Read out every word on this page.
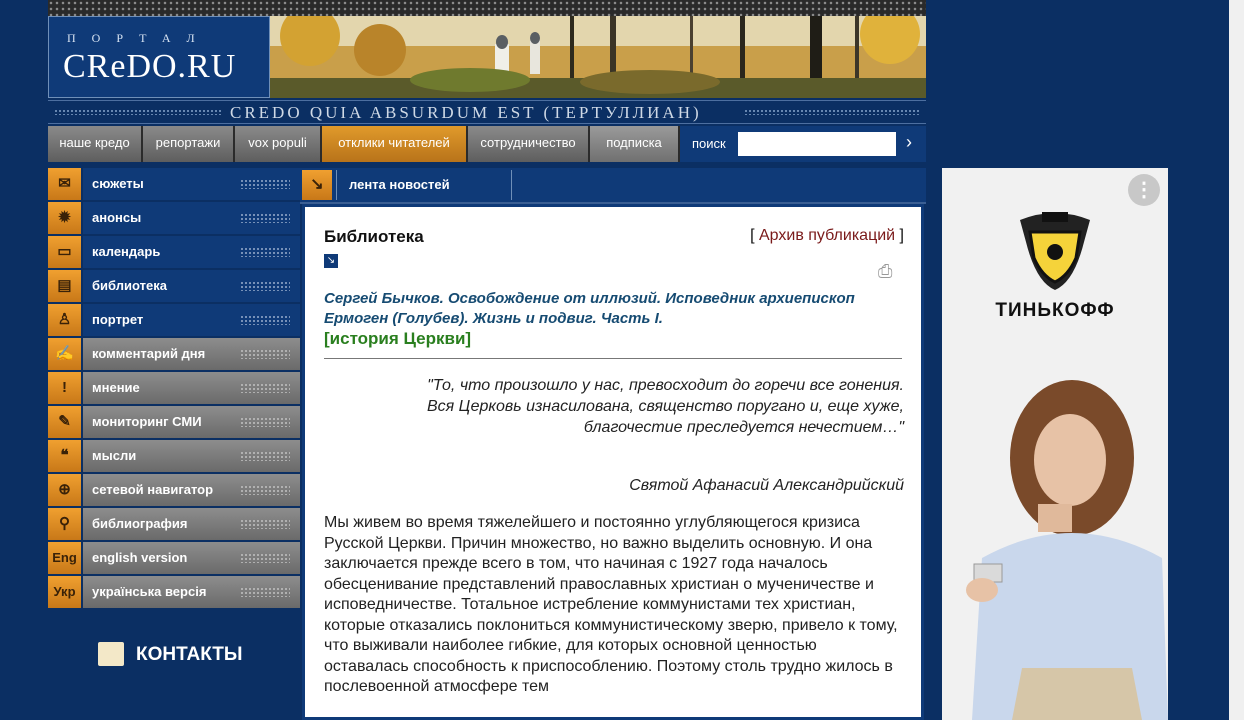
ПОРТАЛ
CReDO.RU
CREDO QUIA ABSURDUM EST (ТЕРТУЛЛИАН)
наше кредо	репортажи	vox populi	отклики читателей	сотрудничество	подписка	поиск	›
✉	сюжеты
✹	анонсы
▭	календарь
▤	библиотека
♙	портрет
✍	комментарий дня
!	мнение
✎	мониторинг СМИ
❝	мысли
⊕	сетевой навигатор
⚲	библиография
Eng	english version
Укр	українська версія
КОНТАКТЫ
↘	лента новостей
Библиотека	[ Архив публикаций ]
↘
⎙
Сергей Бычков. Освобождение от иллюзий. Исповедник архиепископ Ермоген (Голубев). Жизнь и подвиг. Часть I.
[история Церкви]
"То, что произошло у нас, превосходит до горечи все гонения. Вся Церковь изнасилована, священство поругано и, еще хуже, благочестие преследуется нечестием…"
Святой Афанасий Александрийский
Мы живем во время тяжелейшего и постоянно углубляющегося кризиса Русской Церкви. Причин множество, но важно выделить основную. И она заключается прежде всего в том, что начиная с 1927 года началось обесценивание представлений православных христиан о мученичестве и исповедничестве. Тотальное истребление коммунистами тех христиан, которые отказались поклониться коммунистическому зверю, привело к тому, что выживали наиболее гибкие, для которых основной ценностью оставалась способность к приспособлению. Поэтому столь трудно жилось в послевоенной атмосфере тем
⋮
ТИНЬКОФФ
